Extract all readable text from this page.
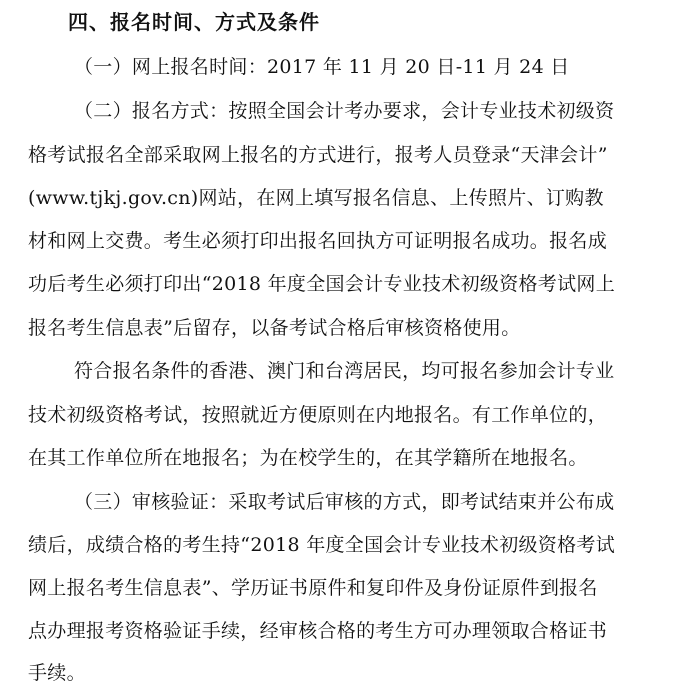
四、报名时间、方式及条件
（一）网上报名时间：2017 年 11 月 20 日-11 月 24 日
（二）报名方式：按照全国会计考办要求，会计专业技术初级资
格考试报名全部采取网上报名的方式进行，报考人员登录“天津会计”
(www.tjkj.gov.cn)网站，在网上填写报名信息、上传照片、订购教
材和网上交费。考生必须打印出报名回执方可证明报名成功。报名成
功后考生必须打印出“2018 年度全国会计专业技术初级资格考试网上
报名考生信息表”后留存，以备考试合格后审核资格使用。
符合报名条件的香港、澳门和台湾居民，均可报名参加会计专业
技术初级资格考试，按照就近方便原则在内地报名。有工作单位的，
在其工作单位所在地报名；为在校学生的，在其学籍所在地报名。
（三）审核验证：采取考试后审核的方式，即考试结束并公布成
绩后，成绩合格的考生持“2018 年度全国会计专业技术初级资格考试
网上报名考生信息表”、学历证书原件和复印件及身份证原件到报名
点办理报考资格验证手续，经审核合格的考生方可办理领取合格证书
手续。
